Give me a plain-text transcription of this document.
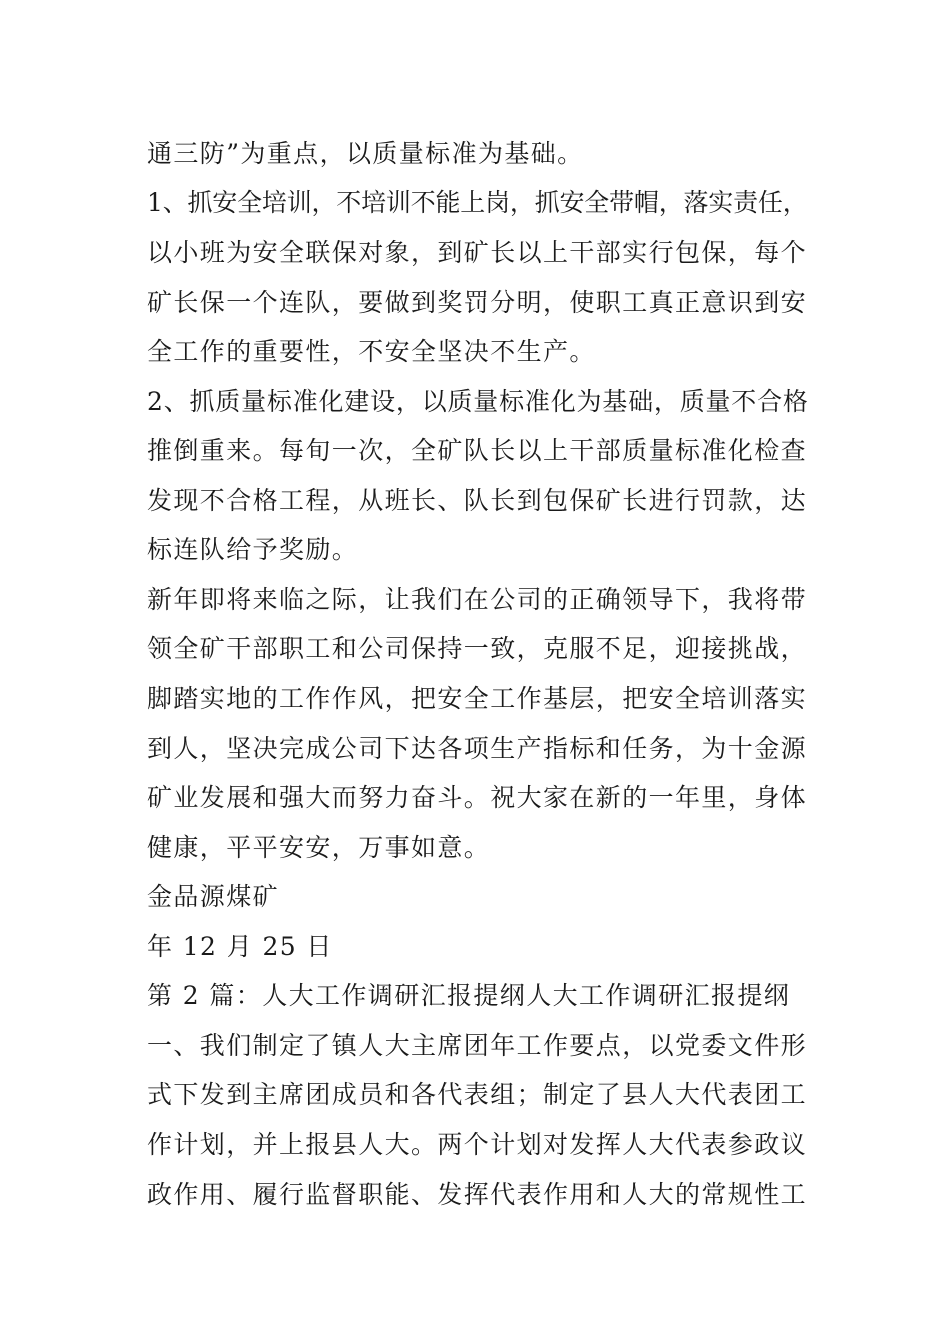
通三防”为重点，以质量标准为基础。
1、抓安全培训，不培训不能上岗，抓安全带帽，落实责任，
以小班为安全联保对象，到矿长以上干部实行包保，每个
矿长保一个连队，要做到奖罚分明，使职工真正意识到安
全工作的重要性，不安全坚决不生产。
2、抓质量标准化建设，以质量标准化为基础，质量不合格
推倒重来。每旬一次，全矿队长以上干部质量标准化检查
发现不合格工程，从班长、队长到包保矿长进行罚款，达
标连队给予奖励。
新年即将来临之际，让我们在公司的正确领导下，我将带
领全矿干部职工和公司保持一致，克服不足，迎接挑战，
脚踏实地的工作作风，把安全工作基层，把安全培训落实
到人，坚决完成公司下达各项生产指标和任务，为十金源
矿业发展和强大而努力奋斗。祝大家在新的一年里，身体
健康，平平安安，万事如意。
金品源煤矿
年 12 月 25 日
第 2 篇：人大工作调研汇报提纲人大工作调研汇报提纲
一、我们制定了镇人大主席团年工作要点，以党委文件形
式下发到主席团成员和各代表组；制定了县人大代表团工
作计划，并上报县人大。两个计划对发挥人大代表参政议
政作用、履行监督职能、发挥代表作用和人大的常规性工
